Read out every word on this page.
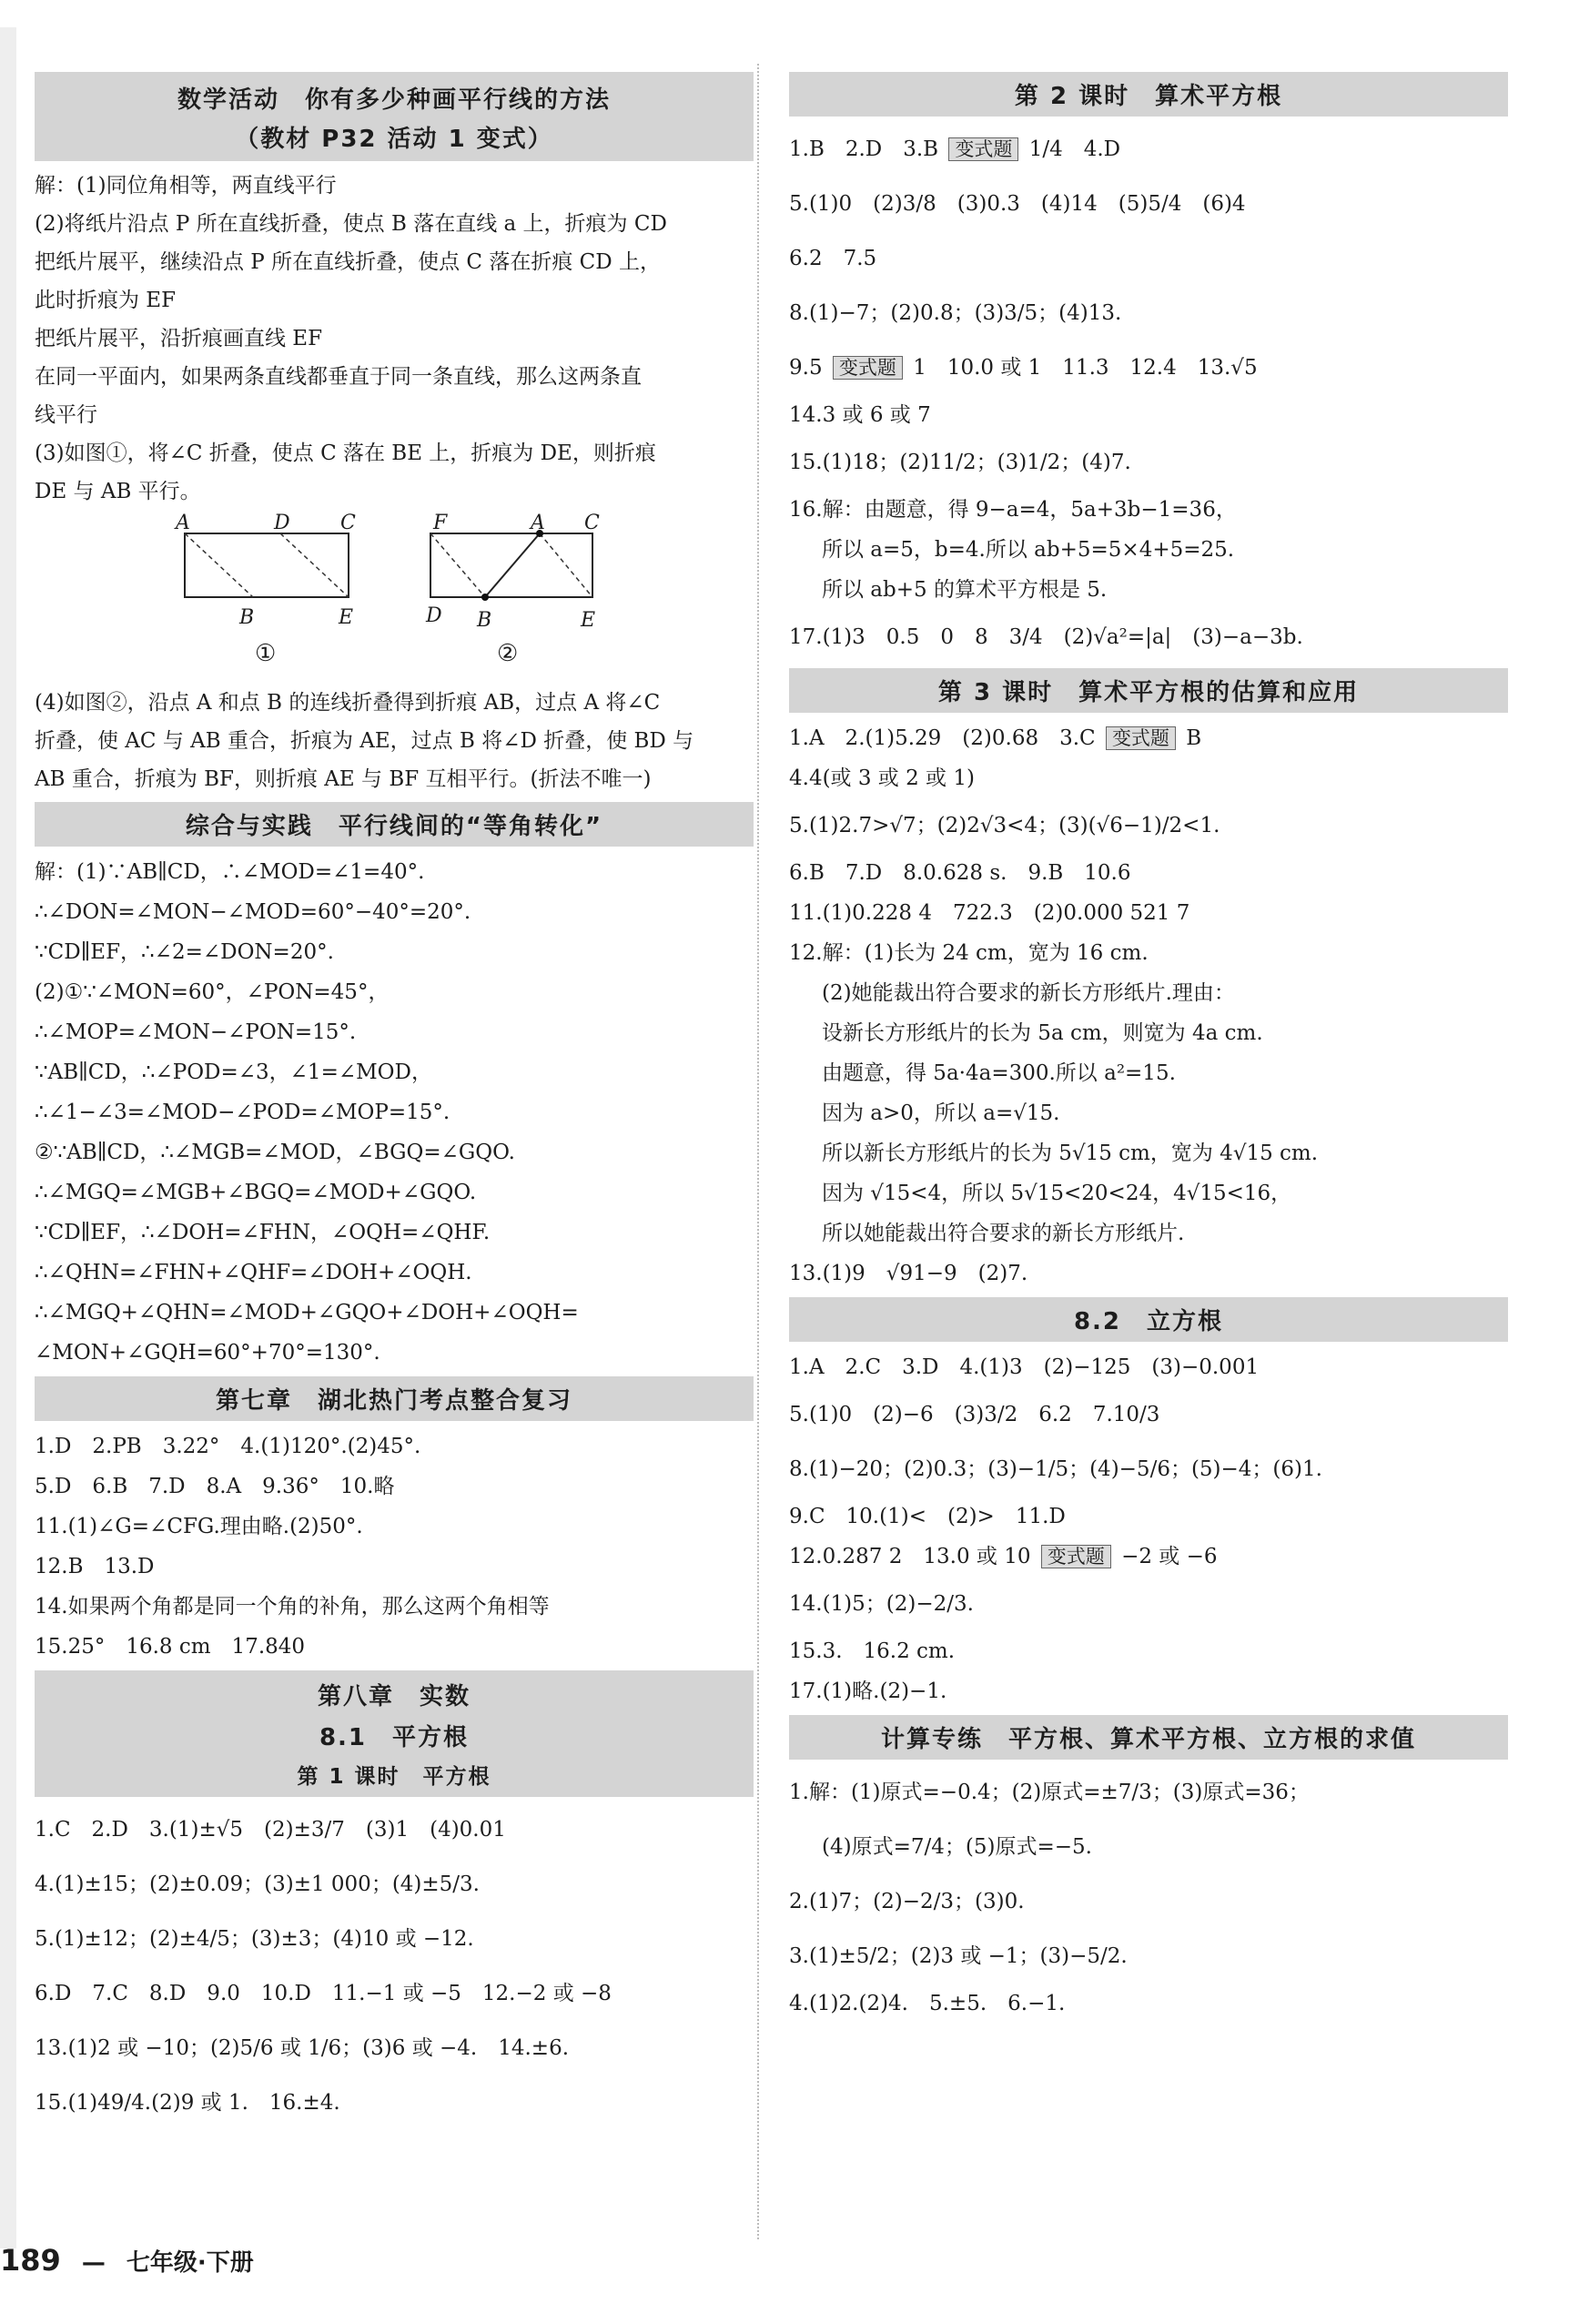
数学活动　你有多少种画平行线的方法
（教材 P32 活动 1 变式）
解：(1)同位角相等，两直线平行
(2)将纸片沿点 P 所在直线折叠，使点 B 落在直线 a 上，折痕为 CD
把纸片展平，继续沿点 P 所在直线折叠，使点 C 落在折痕 CD 上，
此时折痕为 EF
把纸片展平，沿折痕画直线 EF
在同一平面内，如果两条直线都垂直于同一条直线，那么这两条直
线平行
(3)如图①，将∠C 折叠，使点 C 落在 BE 上，折痕为 DE，则折痕
DE 与 AB 平行。
A	D	C
B	E
①
F	A C
D B	E
②
(4)如图②，沿点 A 和点 B 的连线折叠得到折痕 AB，过点 A 将∠C
折叠，使 AC 与 AB 重合，折痕为 AE，过点 B 将∠D 折叠，使 BD 与
AB 重合，折痕为 BF，则折痕 AE 与 BF 互相平行。(折法不唯一)
综合与实践　平行线间的“等角转化”
解：(1)∵AB∥CD，∴∠MOD=∠1=40°.
∴∠DON=∠MON−∠MOD=60°−40°=20°.
∵CD∥EF，∴∠2=∠DON=20°.
(2)①∵∠MON=60°，∠PON=45°，
∴∠MOP=∠MON−∠PON=15°.
∵AB∥CD，∴∠POD=∠3，∠1=∠MOD，
∴∠1−∠3=∠MOD−∠POD=∠MOP=15°.
②∵AB∥CD，∴∠MGB=∠MOD，∠BGQ=∠GQO.
∴∠MGQ=∠MGB+∠BGQ=∠MOD+∠GQO.
∵CD∥EF，∴∠DOH=∠FHN，∠OQH=∠QHF.
∴∠QHN=∠FHN+∠QHF=∠DOH+∠OQH.
∴∠MGQ+∠QHN=∠MOD+∠GQO+∠DOH+∠OQH=
∠MON+∠GQH=60°+70°=130°.
第七章　湖北热门考点整合复习
1.D　2.PB　3.22°　4.(1)120°.(2)45°.
5.D　6.B　7.D　8.A　9.36°　10.略
11.(1)∠G=∠CFG.理由略.(2)50°.
12.B　13.D
14.如果两个角都是同一个角的补角，那么这两个角相等
15.25°　16.8 cm　17.840
第八章　实数
8.1　平方根
第 1 课时　平方根
1.C　2.D　3.(1)±√5　(2)±3/7　(3)1　(4)0.01
4.(1)±15；(2)±0.09；(3)±1 000；(4)±5/3.
5.(1)±12；(2)±4/5；(3)±3；(4)10 或 −12.
6.D　7.C　8.D　9.0　10.D　11.−1 或 −5　12.−2 或 −8
13.(1)2 或 −10；(2)5/6 或 1/6；(3)6 或 −4.　14.±6.
15.(1)49/4.(2)9 或 1.　16.±4.
第 2 课时　算术平方根
1.B　2.D　3.B 变式题 1/4　4.D
5.(1)0　(2)3/8　(3)0.3　(4)14　(5)5/4　(6)4
6.2　7.5
8.(1)−7；(2)0.8；(3)3/5；(4)13.
9.5 变式题 1　10.0 或 1　11.3　12.4　13.√5
14.3 或 6 或 7
15.(1)18；(2)11/2；(3)1/2；(4)7.
16.解：由题意，得 9−a=4，5a+3b−1=36，
所以 a=5，b=4.所以 ab+5=5×4+5=25.
所以 ab+5 的算术平方根是 5.
17.(1)3　0.5　0　8　3/4　(2)√a²=|a|　(3)−a−3b.
第 3 课时　算术平方根的估算和应用
1.A　2.(1)5.29　(2)0.68　3.C 变式题 B
4.4(或 3 或 2 或 1)
5.(1)2.7>√7；(2)2√3<4；(3)(√6−1)/2<1.
6.B　7.D　8.0.628 s.　9.B　10.6
11.(1)0.228 4　722.3　(2)0.000 521 7
12.解：(1)长为 24 cm，宽为 16 cm.
(2)她能裁出符合要求的新长方形纸片.理由：
设新长方形纸片的长为 5a cm，则宽为 4a cm.
由题意，得 5a·4a=300.所以 a²=15.
因为 a>0，所以 a=√15.
所以新长方形纸片的长为 5√15 cm，宽为 4√15 cm.
因为 √15<4，所以 5√15<20<24，4√15<16，
所以她能裁出符合要求的新长方形纸片.
13.(1)9　√91−9　(2)7.
8.2　立方根
1.A　2.C　3.D　4.(1)3　(2)−125　(3)−0.001
5.(1)0　(2)−6　(3)3/2　6.2　7.10/3
8.(1)−20；(2)0.3；(3)−1/5；(4)−5/6；(5)−4；(6)1.
9.C　10.(1)<　(2)>　11.D
12.0.287 2　13.0 或 10 变式题 −2 或 −6
14.(1)5；(2)−2/3.
15.3.　16.2 cm.
17.(1)略.(2)−1.
计算专练　平方根、算术平方根、立方根的求值
1.解：(1)原式=−0.4；(2)原式=±7/3；(3)原式=36；
(4)原式=7/4；(5)原式=−5.
2.(1)7；(2)−2/3；(3)0.
3.(1)±5/2；(2)3 或 −1；(3)−5/2.
4.(1)2.(2)4.　5.±5.　6.−1.
189 — 七年级·下册
